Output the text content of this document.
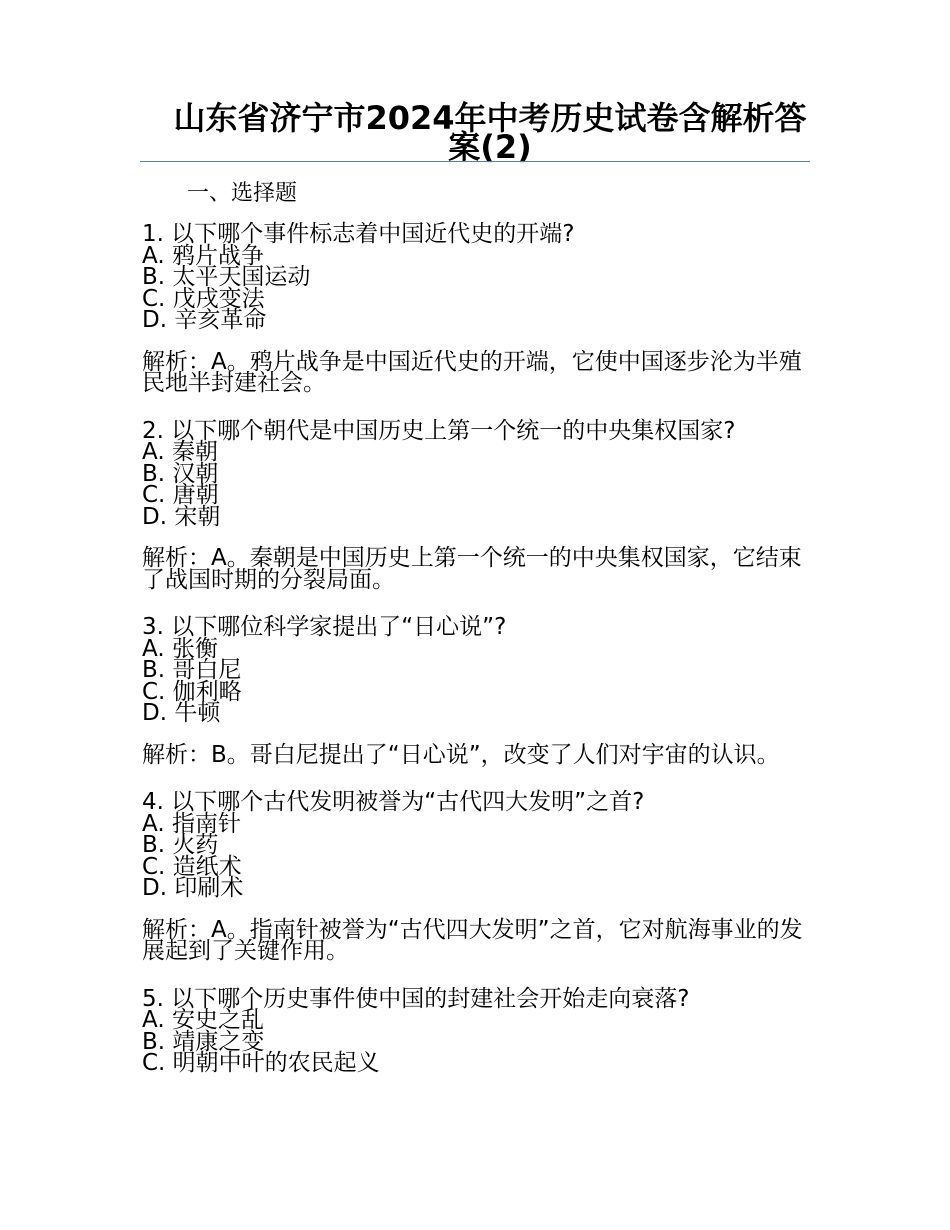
山东省济宁市2024年中考历史试卷含解析答案(2)
一、选择题
1. 以下哪个事件标志着中国近代史的开端?
A. 鸦片战争
B. 太平天国运动
C. 戊戌变法
D. 辛亥革命
解析：A。鸦片战争是中国近代史的开端，它使中国逐步沦为半殖民地半封建社会。
2. 以下哪个朝代是中国历史上第一个统一的中央集权国家?
A. 秦朝
B. 汉朝
C. 唐朝
D. 宋朝
解析：A。秦朝是中国历史上第一个统一的中央集权国家，它结束了战国时期的分裂局面。
3. 以下哪位科学家提出了“日心说”?
A. 张衡
B. 哥白尼
C. 伽利略
D. 牛顿
解析：B。哥白尼提出了“日心说”，改变了人们对宇宙的认识。
4. 以下哪个古代发明被誉为“古代四大发明”之首?
A. 指南针
B. 火药
C. 造纸术
D. 印刷术
解析：A。指南针被誉为“古代四大发明”之首，它对航海事业的发展起到了关键作用。
5. 以下哪个历史事件使中国的封建社会开始走向衰落?
A. 安史之乱
B. 靖康之变
C. 明朝中叶的农民起义
